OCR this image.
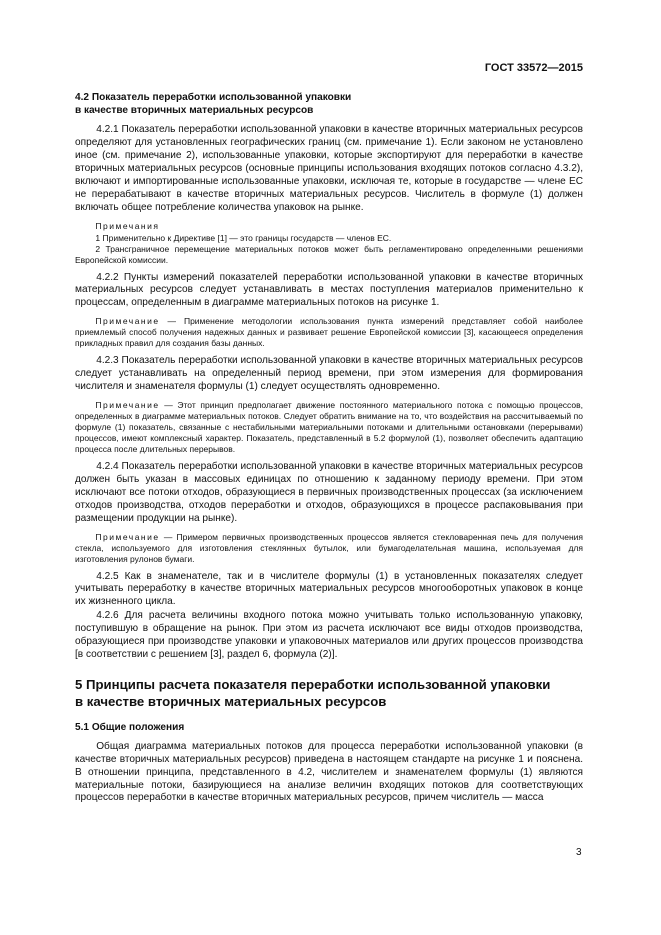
ГОСТ 33572—2015
4.2 Показатель переработки использованной упаковки
в качестве вторичных материальных ресурсов

4.2.1 Показатель переработки использованной упаковки в качестве вторичных материальных ресурсов определяют для установленных географических границ (см. примечание 1). Если законом не установлено иное (см. примечание 2), использованные упаковки, которые экспортируют для переработки в качестве вторичных материальных ресурсов (основные принципы использования входящих потоков согласно 4.3.2), включают и импортированные использованные упаковки, исключая те, которые в государстве — члене ЕС не перерабатывают в качестве вторичных материальных ресурсов. Числитель в формуле (1) должен включать общее потребление количества упаковок на рынке.

Примечания

1 Применительно к Директиве [1] — это границы государств — членов ЕС.

2 Трансграничное перемещение материальных потоков может быть регламентировано определенными решениями Европейской комиссии.

4.2.2 Пункты измерений показателей переработки использованной упаковки в качестве вторичных материальных ресурсов следует устанавливать в местах поступления материалов применительно к процессам, определенным в диаграмме материальных потоков на рисунке 1.

Примечание — Применение методологии использования пункта измерений представляет собой наиболее приемлемый способ получения надежных данных и развивает решение Европейской комиссии [3], касающееся определения прикладных правил для создания базы данных.

4.2.3 Показатель переработки использованной упаковки в качестве вторичных материальных ресурсов следует устанавливать на определенный период времени, при этом измерения для формирования числителя и знаменателя формулы (1) следует осуществлять одновременно.

Примечание — Этот принцип предполагает движение постоянного материального потока с помощью процессов, определенных в диаграмме материальных потоков. Следует обратить внимание на то, что воздействия на рассчитываемый по формуле (1) показатель, связанные с нестабильными материальными потоками и длительными остановками (перерывами) процессов, имеют комплексный характер. Показатель, представленный в 5.2 формулой (1), позволяет обеспечить адаптацию процесса после длительных перерывов.

4.2.4 Показатель переработки использованной упаковки в качестве вторичных материальных ресурсов должен быть указан в массовых единицах по отношению к заданному периоду времени. При этом исключают все потоки отходов, образующиеся в первичных производственных процессах (за исключением отходов производства, отходов переработки и отходов, образующихся в процессе распаковывания при размещении продукции на рынке).

Примечание — Примером первичных производственных процессов является стекловаренная печь для получения стекла, используемого для изготовления стеклянных бутылок, или бумагоделательная машина, используемая для изготовления рулонов бумаги.

4.2.5 Как в знаменателе, так и в числителе формулы (1) в установленных показателях следует учитывать переработку в качестве вторичных материальных ресурсов многооборотных упаковок в конце их жизненного цикла.

4.2.6 Для расчета величины входного потока можно учитывать только использованную упаковку, поступившую в обращение на рынок. При этом из расчета исключают все виды отходов производства, образующиеся при производстве упаковки и упаковочных материалов или других процессов производства [в соответствии с решением [3], раздел 6, формула (2)].

5 Принципы расчета показателя переработки использованной упаковки
в качестве вторичных материальных ресурсов
5.1 Общие положения

Общая диаграмма материальных потоков для процесса переработки использованной упаковки (в качестве вторичных материальных ресурсов) приведена в настоящем стандарте на рисунке 1 и пояснена. В отношении принципа, представленного в 4.2, числителем и знаменателем формулы (1) являются материальные потоки, базирующиеся на анализе величин входящих потоков для соответствующих процессов переработки в качестве вторичных материальных ресурсов, причем числитель — масса

3
